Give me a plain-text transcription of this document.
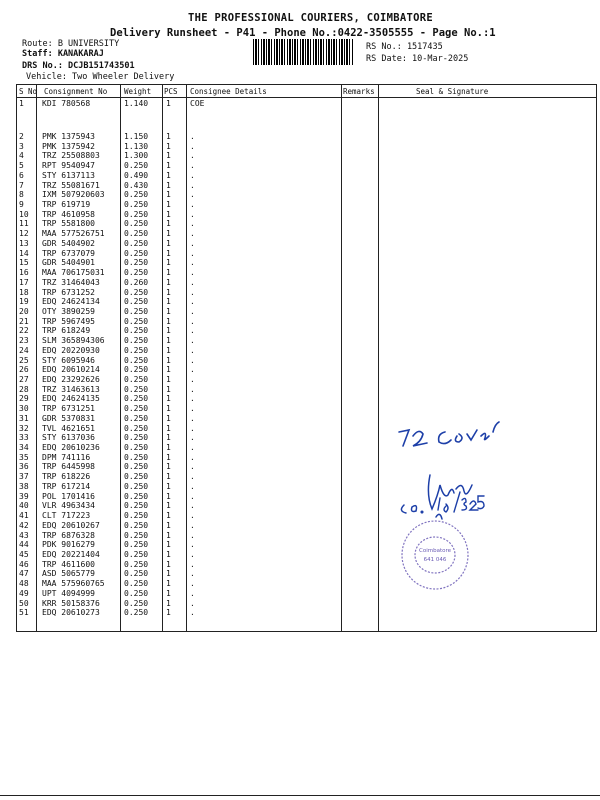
THE PROFESSIONAL COURIERS, COIMBATORE
Delivery Runsheet - P41 - Phone No.:0422-3505555 - Page No.:1
Route: B UNIVERSITY
Staff: KANAKARAJ
DRS No.: DCJB151743501
Vehicle: Two Wheeler Delivery
RS No.: 1517435
RS Date: 10-Mar-2025
S No Consignment No Weight PCS Consignee Details	Remarks	Seal & Signature
1 KDI 780568	1.140 1 COE
2 PMK 1375943	1.150 1 .
3 PMK 1375942	1.130 1 .
4 TRZ 25508803	1.300 1 .
5 RPT 9540947	0.250 1 .
6 STY 6137113	0.490 1 .
7 TRZ 55081671	0.430 1 .
8 IXM 507920603 0.250 1 .
9 TRP 619719	0.250 1 .
10 TRP 4610958	0.250 1 .
11 TRP 5581800	0.250 1 .
12 MAA 577526751 0.250 1 .
13 GDR 5404902	0.250 1 .
14 TRP 6737079	0.250 1 .
15 GDR 5404901	0.250 1 .
16 MAA 706175031 0.250 1 .
17 TRZ 31464043	0.260 1 .
18 TRP 6731252	0.250 1 .
19 EDQ 24624134	0.250 1 .
20 OTY 3890259	0.250 1 .
21 TRP 5967495	0.250 1 .
22 TRP 618249	0.250 1 .
23 SLM 365894306 0.250 1 .
24 EDQ 20220930	0.250 1 .
25 STY 6095946	0.250 1 .
26 EDQ 20610214	0.250 1 .
27 EDQ 23292626	0.250 1 .
28 TRZ 31463613	0.250 1 .
29 EDQ 24624135	0.250 1 .
30 TRP 6731251	0.250 1 .
31 GDR 5370831	0.250 1 .
32 TVL 4621651	0.250 1 .
33 STY 6137036	0.250 1 .
34 EDQ 20610236	0.250 1 .
35 DPM 741116	0.250 1 .
36 TRP 6445998	0.250 1 .
37 TRP 618226	0.250 1 .
38 TRP 617214	0.250 1 .
39 POL 1701416	0.250 1 .
40 VLR 4963434	0.250 1 .
41 CLT 717223	0.250 1 .
42 EDQ 20610267	0.250 1 .
43 TRP 6876328	0.250 1 .
44 PDK 9016279	0.250 1 .
45 EDQ 20221404	0.250 1 .
46 TRP 4611600	0.250 1 .
47 ASD 5065779	0.250 1 .
48 MAA 575960765 0.250 1 .
49 UPT 4094999	0.250 1 .
50 KRR 50158376	0.250 1 .
51 EDQ 20610273	0.250 1 .
Coimbatore
641 046
